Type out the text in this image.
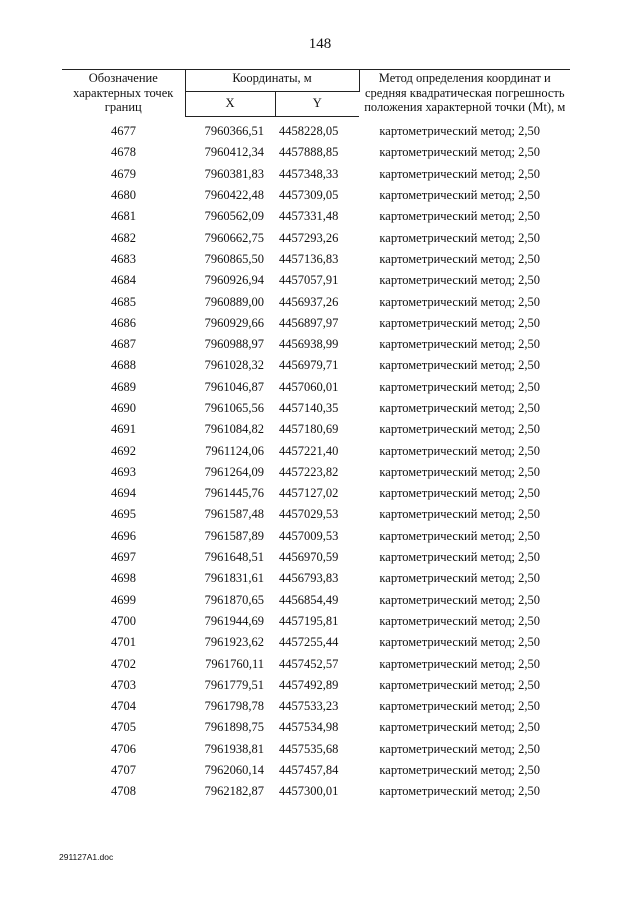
148
Обозначение характерных точек границ	Координаты, м		Метод определения координат и средняя квадратическая погрешность положения характерной точки (Mt), м
	X	Y	

4677	7960366,51	4458228,05	картометрический метод; 2,50
4678	7960412,34	4457888,85	картометрический метод; 2,50
4679	7960381,83	4457348,33	картометрический метод; 2,50
4680	7960422,48	4457309,05	картометрический метод; 2,50
4681	7960562,09	4457331,48	картометрический метод; 2,50
4682	7960662,75	4457293,26	картометрический метод; 2,50
4683	7960865,50	4457136,83	картометрический метод; 2,50
4684	7960926,94	4457057,91	картометрический метод; 2,50
4685	7960889,00	4456937,26	картометрический метод; 2,50
4686	7960929,66	4456897,97	картометрический метод; 2,50
4687	7960988,97	4456938,99	картометрический метод; 2,50
4688	7961028,32	4456979,71	картометрический метод; 2,50
4689	7961046,87	4457060,01	картометрический метод; 2,50
4690	7961065,56	4457140,35	картометрический метод; 2,50
4691	7961084,82	4457180,69	картометрический метод; 2,50
4692	7961124,06	4457221,40	картометрический метод; 2,50
4693	7961264,09	4457223,82	картометрический метод; 2,50
4694	7961445,76	4457127,02	картометрический метод; 2,50
4695	7961587,48	4457029,53	картометрический метод; 2,50
4696	7961587,89	4457009,53	картометрический метод; 2,50
4697	7961648,51	4456970,59	картометрический метод; 2,50
4698	7961831,61	4456793,83	картометрический метод; 2,50
4699	7961870,65	4456854,49	картометрический метод; 2,50
4700	7961944,69	4457195,81	картометрический метод; 2,50
4701	7961923,62	4457255,44	картометрический метод; 2,50
4702	7961760,11	4457452,57	картометрический метод; 2,50
4703	7961779,51	4457492,89	картометрический метод; 2,50
4704	7961798,78	4457533,23	картометрический метод; 2,50
4705	7961898,75	4457534,98	картометрический метод; 2,50
4706	7961938,81	4457535,68	картометрический метод; 2,50
4707	7962060,14	4457457,84	картометрический метод; 2,50
4708	7962182,87	4457300,01	картометрический метод; 2,50
291127A1.doc
